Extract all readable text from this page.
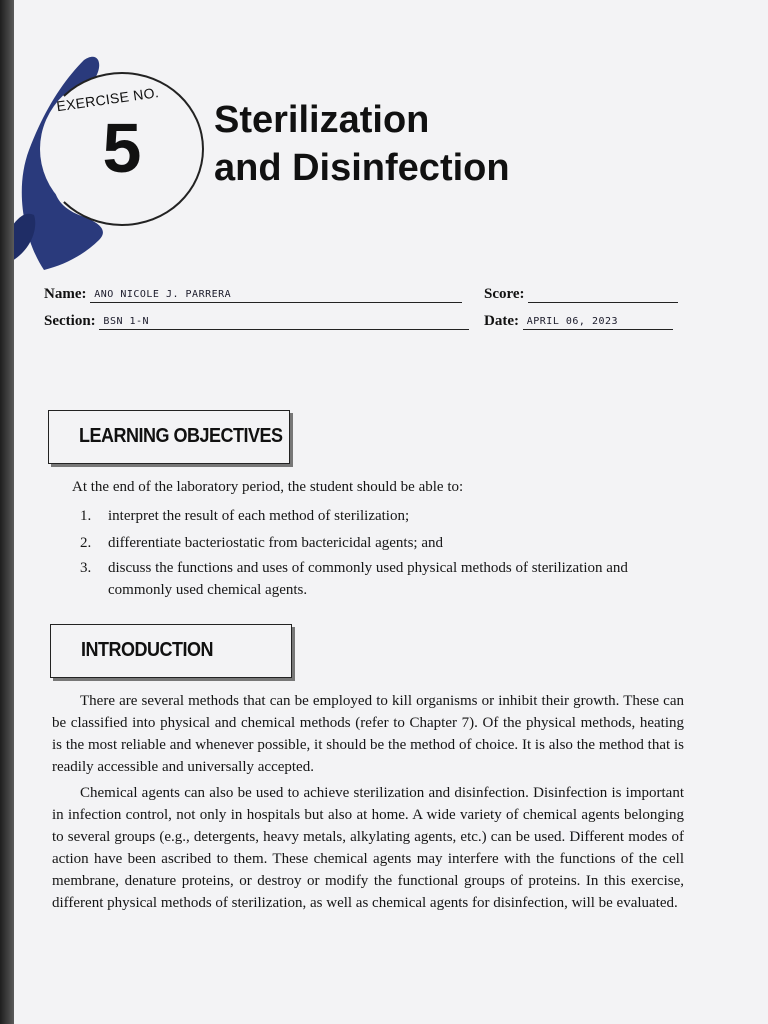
EXERCISE NO.
5	Sterilization
and Disinfection
Name: ANO NICOLE J. PARRERA	Score:
Section: BSN 1-N	Date: APRIL 06, 2023
LEARNING OBJECTIVES
At the end of the laboratory period, the student should be able to:
1. interpret the result of each method of sterilization;
2. differentiate bacteriostatic from bactericidal agents; and
3. discuss the functions and uses of commonly used physical methods of sterilization and
commonly used chemical agents.
INTRODUCTION
There are several methods that can be employed to kill organisms or inhibit their growth. These can be classified into physical and chemical methods (refer to Chapter 7). Of the physical methods, heating is the most reliable and whenever possible, it should be the method of choice. It is also the method that is readily accessible and universally accepted.
Chemical agents can also be used to achieve sterilization and disinfection. Disinfection is important in infection control, not only in hospitals but also at home. A wide variety of chemical agents belonging to several groups (e.g., detergents, heavy metals, alkylating agents, etc.) can be used. Different modes of action have been ascribed to them. These chemical agents may interfere with the functions of the cell membrane, denature proteins, or destroy or modify the functional groups of proteins. In this exercise, different physical methods of sterilization, as well as chemical agents for disinfection, will be evaluated.
